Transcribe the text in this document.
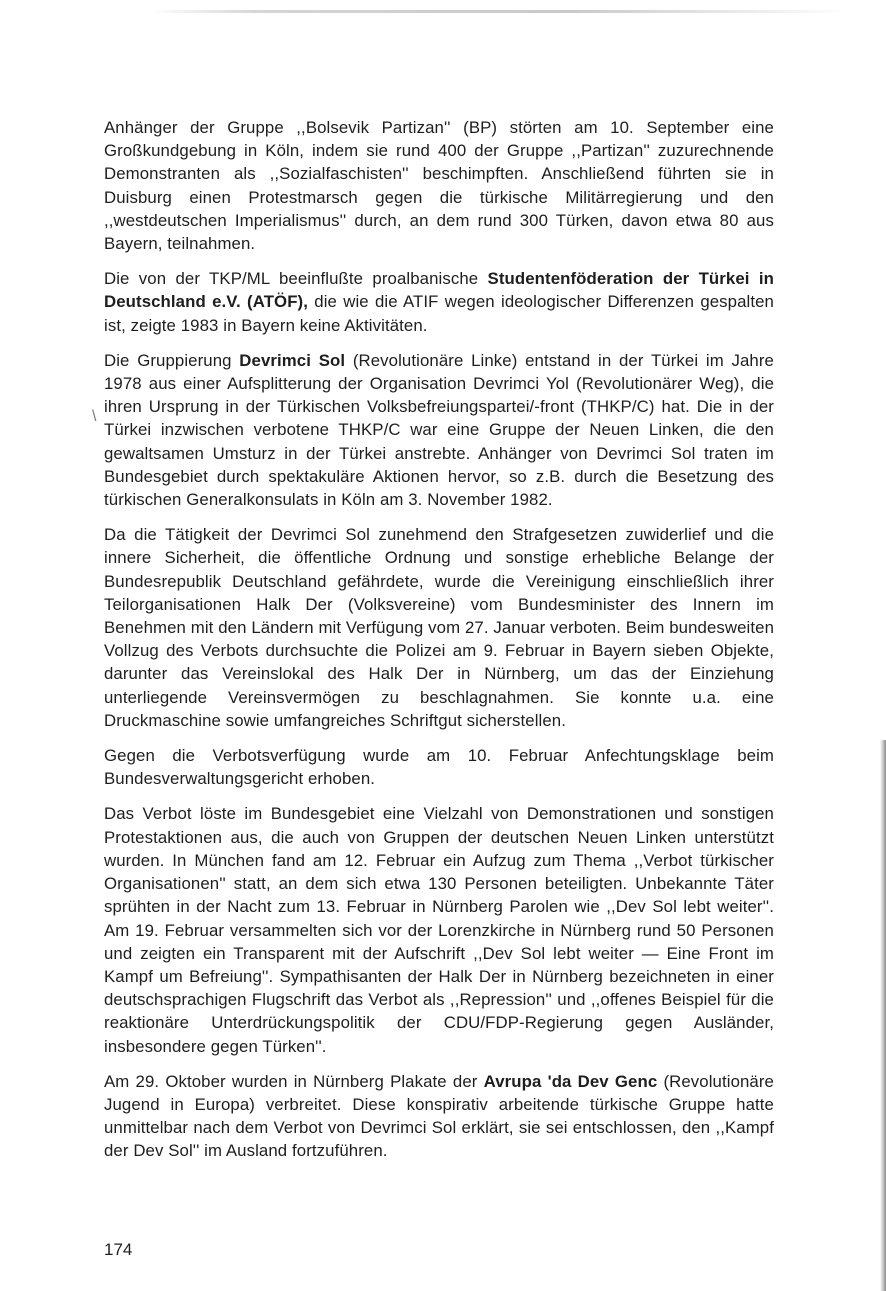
\

Anhänger der Gruppe ,,Bolsevik Partizan'' (BP) störten am 10. September eine Großkundgebung in Köln, indem sie rund 400 der Gruppe ,,Partizan'' zuzurechnende Demonstranten als ,,Sozialfaschisten'' beschimpften. Anschließend führten sie in Duisburg einen Protestmarsch gegen die türkische Militärregierung und den ,,westdeutschen Imperialismus'' durch, an dem rund 300 Türken, davon etwa 80 aus Bayern, teilnahmen.

Die von der TKP/ML beeinflußte proalbanische Studentenföderation der Türkei in Deutschland e.V. (ATÖF), die wie die ATIF wegen ideologischer Differenzen gespalten ist, zeigte 1983 in Bayern keine Aktivitäten.

Die Gruppierung Devrimci Sol (Revolutionäre Linke) entstand in der Türkei im Jahre 1978 aus einer Aufsplitterung der Organisation Devrimci Yol (Revolutionärer Weg), die ihren Ursprung in der Türkischen Volksbefreiungspartei/-front (THKP/C) hat. Die in der Türkei inzwischen verbotene THKP/C war eine Gruppe der Neuen Linken, die den gewaltsamen Umsturz in der Türkei anstrebte. Anhänger von Devrimci Sol traten im Bundesgebiet durch spektakuläre Aktionen hervor, so z.B. durch die Besetzung des türkischen Generalkonsulats in Köln am 3. November 1982.

Da die Tätigkeit der Devrimci Sol zunehmend den Strafgesetzen zuwiderlief und die innere Sicherheit, die öffentliche Ordnung und sonstige erhebliche Belange der Bundesrepublik Deutschland gefährdete, wurde die Vereinigung einschließlich ihrer Teilorganisationen Halk Der (Volksvereine) vom Bundesminister des Innern im Benehmen mit den Ländern mit Verfügung vom 27. Januar verboten. Beim bundesweiten Vollzug des Verbots durchsuchte die Polizei am 9. Februar in Bayern sieben Objekte, darunter das Vereinslokal des Halk Der in Nürnberg, um das der Einziehung unterliegende Vereinsvermögen zu beschlagnahmen. Sie konnte u.a. eine Druckmaschine sowie umfangreiches Schriftgut sicherstellen.

Gegen die Verbotsverfügung wurde am 10. Februar Anfechtungsklage beim Bundesverwaltungsgericht erhoben.

Das Verbot löste im Bundesgebiet eine Vielzahl von Demonstrationen und sonstigen Protestaktionen aus, die auch von Gruppen der deutschen Neuen Linken unterstützt wurden. In München fand am 12. Februar ein Aufzug zum Thema ,,Verbot türkischer Organisationen'' statt, an dem sich etwa 130 Personen beteiligten. Unbekannte Täter sprühten in der Nacht zum 13. Februar in Nürnberg Parolen wie ,,Dev Sol lebt weiter''. Am 19. Februar versammelten sich vor der Lorenzkirche in Nürnberg rund 50 Personen und zeigten ein Transparent mit der Aufschrift ,,Dev Sol lebt weiter — Eine Front im Kampf um Befreiung''. Sympathisanten der Halk Der in Nürnberg bezeichneten in einer deutschsprachigen Flugschrift das Verbot als ,,Repression'' und ,,offenes Beispiel für die reaktionäre Unterdrückungspolitik der CDU/FDP-Regierung gegen Ausländer, insbesondere gegen Türken''.

Am 29. Oktober wurden in Nürnberg Plakate der Avrupa 'da Dev Genc (Revolutionäre Jugend in Europa) verbreitet. Diese konspirativ arbeitende türkische Gruppe hatte unmittelbar nach dem Verbot von Devrimci Sol erklärt, sie sei entschlossen, den ,,Kampf der Dev Sol'' im Ausland fortzuführen.

174
